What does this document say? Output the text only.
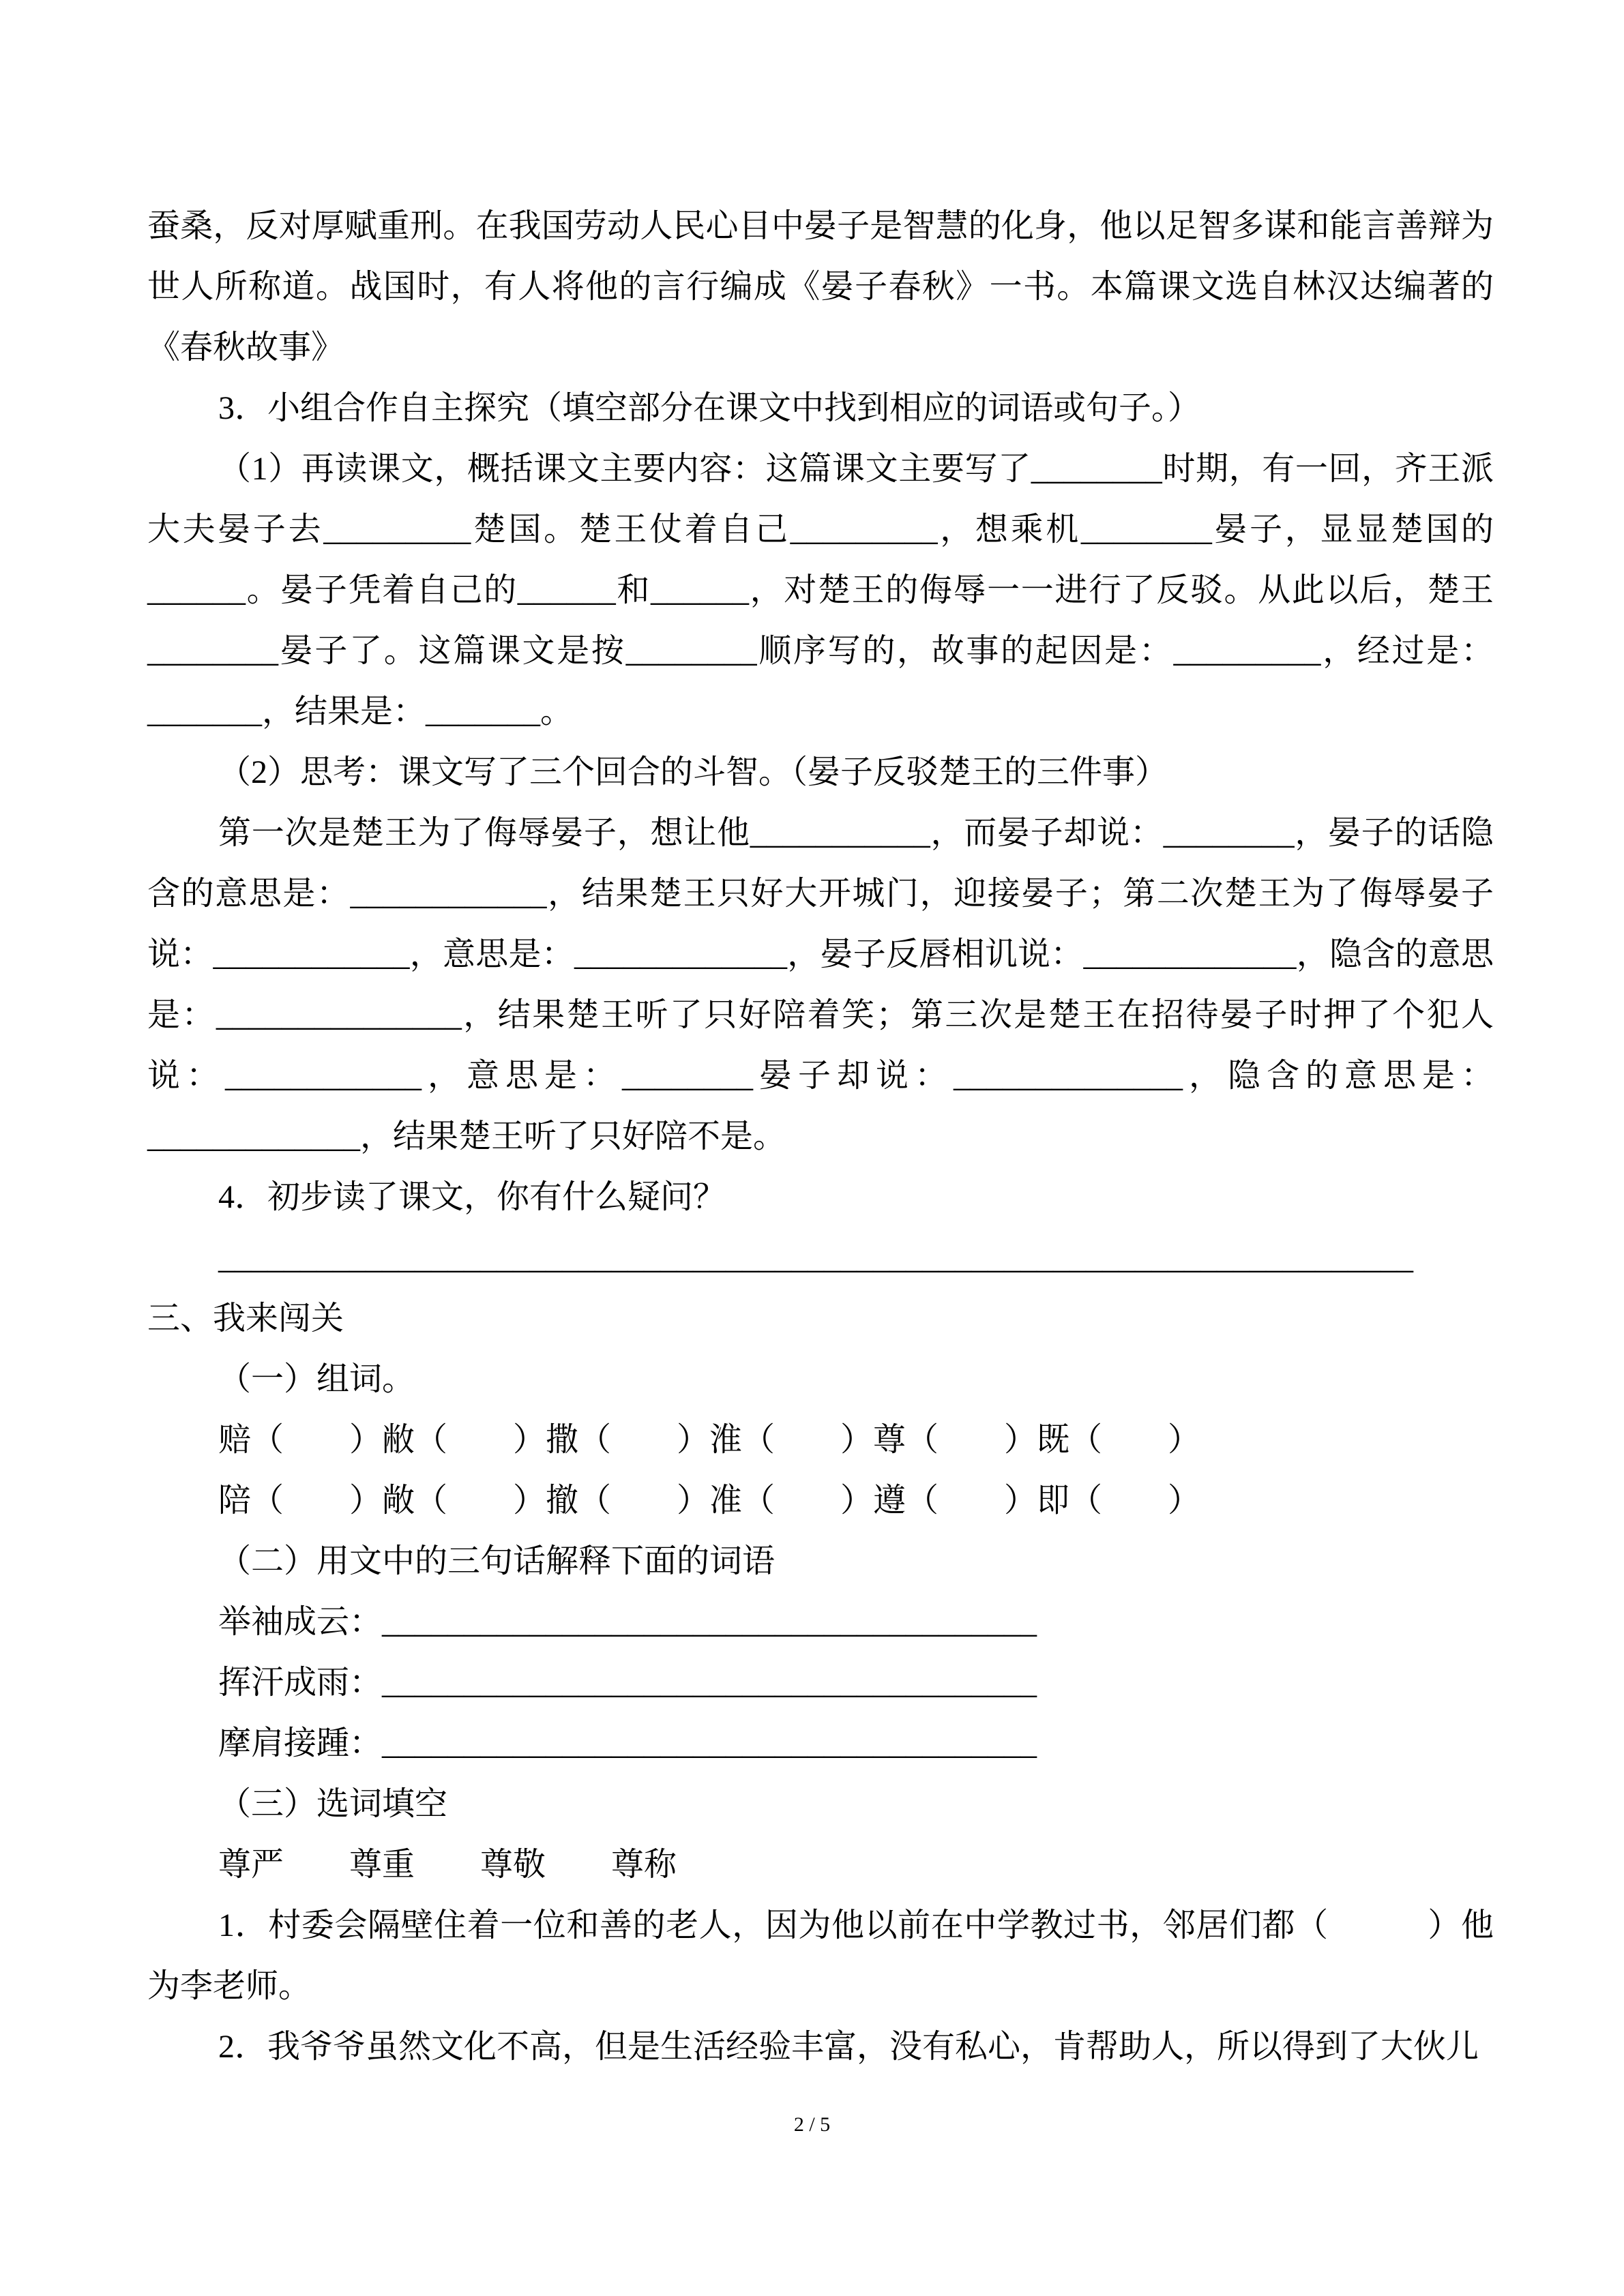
蚕桑，反对厚赋重刑。在我国劳动人民心目中晏子是智慧的化身，他以足智多谋和能言善辩为世人所称道。战国时，有人将他的言行编成《晏子春秋》一书。本篇课文选自林汉达编著的《春秋故事》

3．小组合作自主探究（填空部分在课文中找到相应的词语或句子。）

（1）再读课文，概括课文主要内容：这篇课文主要写了________时期，有一回，齐王派大夫晏子去_________楚国。楚王仗着自己_________，想乘机________晏子，显显楚国的______。晏子凭着自己的______和______，对楚王的侮辱一一进行了反驳。从此以后，楚王________晏子了。这篇课文是按________顺序写的，故事的起因是：_________，经过是：_______，结果是：_______。

（2）思考：课文写了三个回合的斗智。（晏子反驳楚王的三件事）

第一次是楚王为了侮辱晏子，想让他___________，而晏子却说：________，晏子的话隐含的意思是：____________，结果楚王只好大开城门，迎接晏子；第二次楚王为了侮辱晏子说：____________，意思是：_____________，晏子反唇相讥说：_____________，隐含的意思是：_______________，结果楚王听了只好陪着笑；第三次是楚王在招待晏子时押了个犯人说：____________，意思是：________晏子却说：______________，隐含的意思是：_____________，结果楚王听了只好陪不是。

4．初步读了课文，你有什么疑问？

_________________________________________________________________________

三、我来闯关

（一）组词。

赔（　　）敝（　　）撒（　　）淮（　　）尊（　　）既（　　）

陪（　　）敞（　　）撤（　　）准（　　）遵（　　）即（　　）

（二）用文中的三句话解释下面的词语

举袖成云：________________________________________

挥汗成雨：________________________________________

摩肩接踵：________________________________________

（三）选词填空

尊严　　尊重　　尊敬　　尊称

1．村委会隔壁住着一位和善的老人，因为他以前在中学教过书，邻居们都（　　　）他为李老师。

2．我爷爷虽然文化不高，但是生活经验丰富，没有私心，肯帮助人，所以得到了大伙儿

2 / 5
